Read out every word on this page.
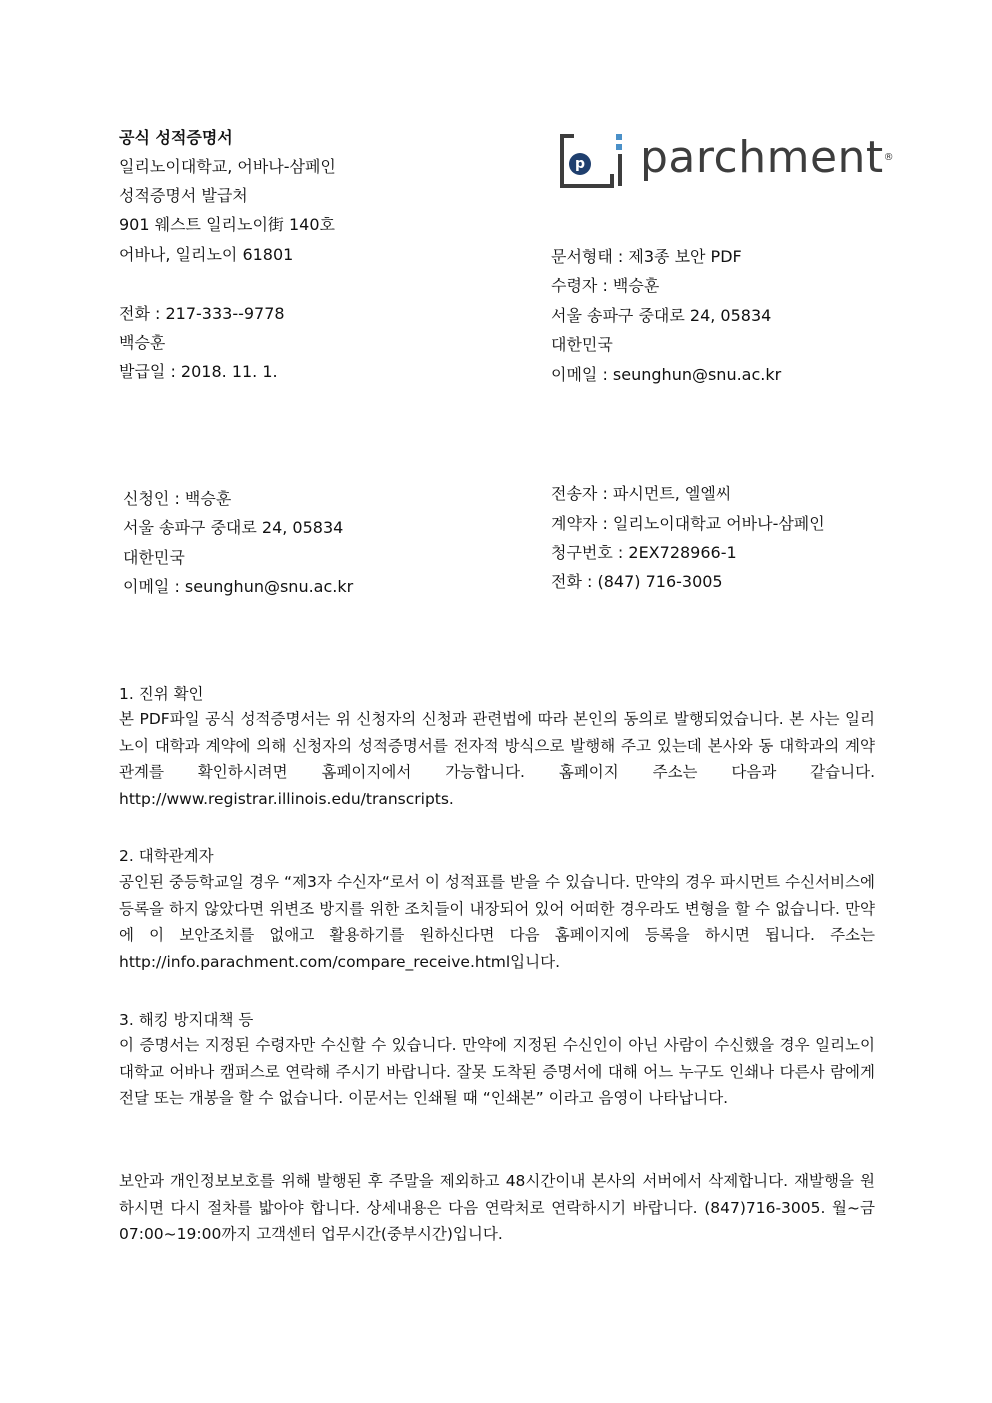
공식 성적증명서
일리노이대학교, 어바나-삼페인
성적증명서 발급처
901 웨스트 일리노이街 140호
어바나, 일리노이 61801
전화 : 217-333--9778
백승훈
발급일 : 2018. 11. 1.
p parchment®
문서형태 : 제3종 보안 PDF
수령자 : 백승훈
서울 송파구 중대로 24, 05834
대한민국
이메일 : seunghun@snu.ac.kr
신청인 : 백승훈
서울 송파구 중대로 24, 05834
대한민국
이메일 : seunghun@snu.ac.kr
전송자 : 파시먼트, 엘엘씨
계약자 : 일리노이대학교 어바나-삼페인
청구번호 : 2EX728966-1
전화 : (847) 716-3005
1. 진위 확인
본 PDF파일 공식 성적증명서는 위 신청자의 신청과 관련법에 따라 본인의 동의로 발행되었습니다. 본 사는 일리노이 대학과 계약에 의해 신청자의 성적증명서를 전자적 방식으로 발행해 주고 있는데 본사와 동 대학과의 계약관계를 확인하시려면 홈페이지에서 가능합니다. 홈페이지 주소는 다음과 같습니다. http://www.registrar.illinois.edu/transcripts.
2. 대학관계자
공인된 중등학교일 경우 “제3자 수신자“로서 이 성적표를 받을 수 있습니다. 만약의 경우 파시먼트 수신서비스에 등록을 하지 않았다면 위변조 방지를 위한 조치들이 내장되어 있어 어떠한 경우라도 변형을 할 수 없습니다. 만약에 이 보안조치를 없애고 활용하기를 원하신다면 다음 홈페이지에 등록을 하시면 됩니다. 주소는 http://info.parachment.com/compare_receive.html입니다.
3. 해킹 방지대책 등
이 증명서는 지정된 수령자만 수신할 수 있습니다. 만약에 지정된 수신인이 아닌 사람이 수신했을 경우 일리노이 대학교 어바나 캠퍼스로 연락해 주시기 바랍니다. 잘못 도착된 증명서에 대해 어느 누구도 인쇄나 다른사 람에게 전달 또는 개봉을 할 수 없습니다. 이문서는 인쇄될 때 “인쇄본” 이라고 음영이 나타납니다.
보안과 개인정보보호를 위해 발행된 후 주말을 제외하고 48시간이내 본사의 서버에서 삭제합니다. 재발행을 원하시면 다시 절차를 밟아야 합니다. 상세내용은 다음 연락처로 연락하시기 바랍니다. (847)716-3005. 월~금 07:00~19:00까지 고객센터 업무시간(중부시간)입니다.
